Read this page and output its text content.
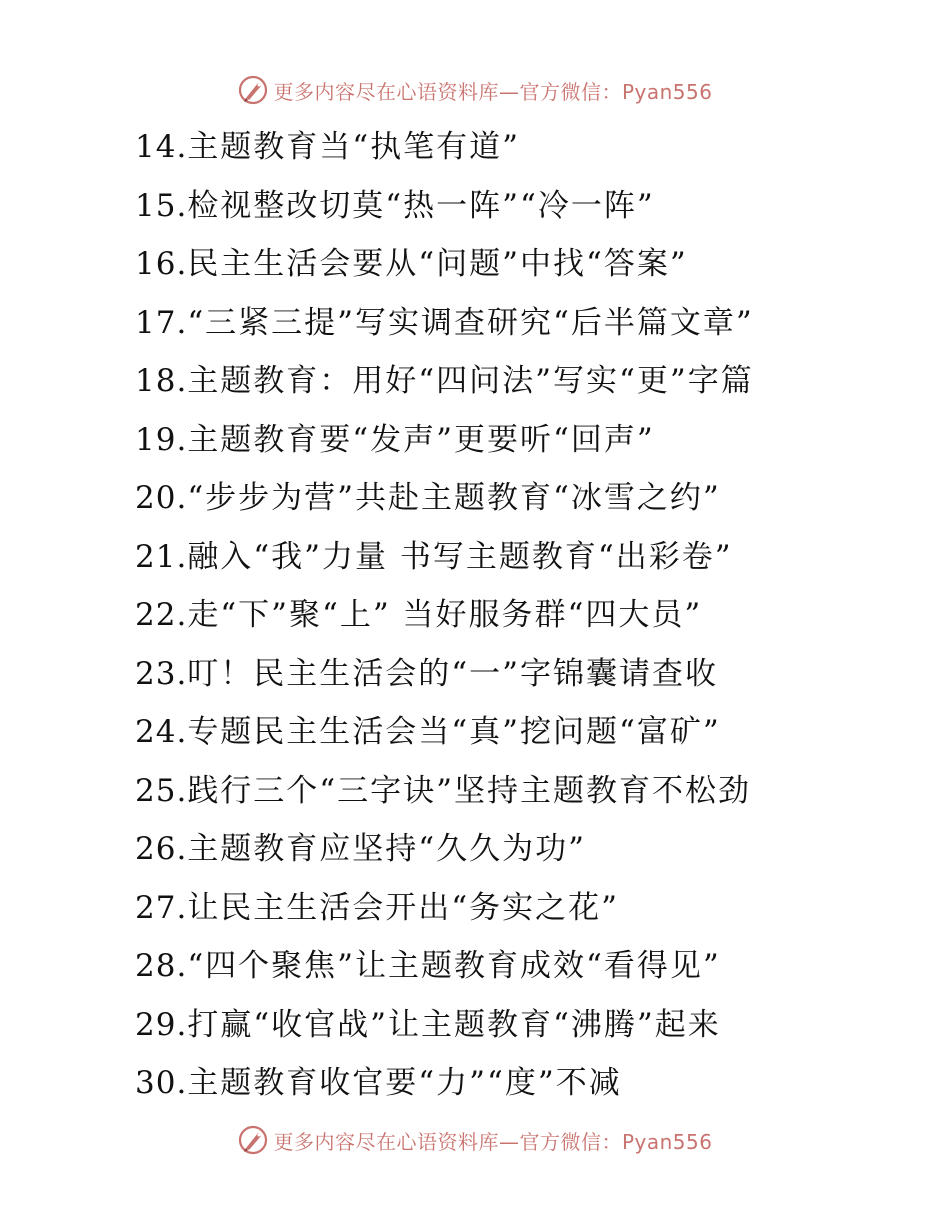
更多内容尽在心语资料库—官方微信：Pyan556
14.主题教育当“执笔有道”
15.检视整改切莫“热一阵”“冷一阵”
16.民主生活会要从“问题”中找“答案”
17.“三紧三提”写实调查研究“后半篇文章”
18.主题教育：用好“四问法”写实“更”字篇
19.主题教育要“发声”更要听“回声”
20.“步步为营”共赴主题教育“冰雪之约”
21.融入“我”力量 书写主题教育“出彩卷”
22.走“下”聚“上” 当好服务群“四大员”
23.叮！民主生活会的“一”字锦囊请查收
24.专题民主生活会当“真”挖问题“富矿”
25.践行三个“三字诀”坚持主题教育不松劲
26.主题教育应坚持“久久为功”
27.让民主生活会开出“务实之花”
28.“四个聚焦”让主题教育成效“看得见”
29.打赢“收官战”让主题教育“沸腾”起来
30.主题教育收官要“力”“度”不减
更多内容尽在心语资料库—官方微信：Pyan556
